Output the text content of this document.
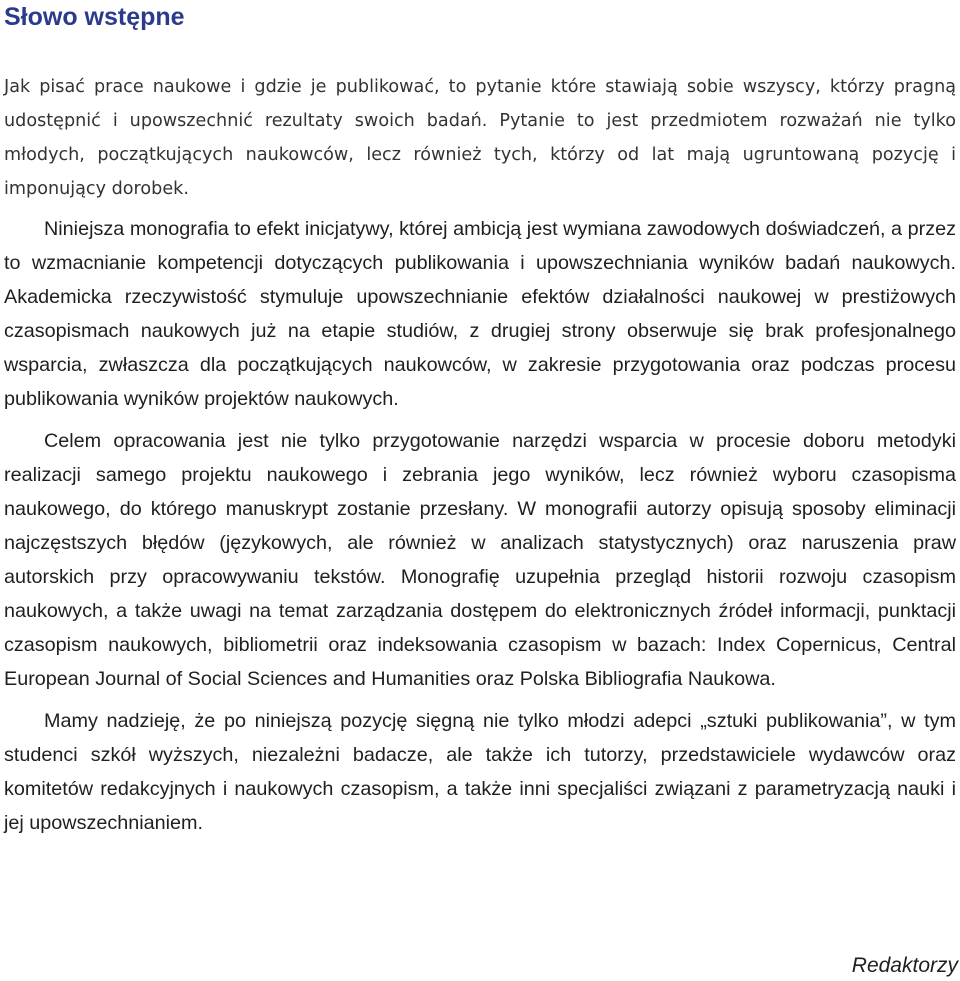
Słowo wstępne

Jak pisać prace naukowe i gdzie je publikować, to pytanie które stawiają sobie wszyscy, którzy pragną udostępnić i upowszechnić rezultaty swoich badań. Pytanie to jest przedmiotem rozważań nie tylko młodych, początkujących naukowców, lecz również tych, którzy od lat mają ugruntowaną pozycję i imponujący dorobek.

Niniejsza monografia to efekt inicjatywy, której ambicją jest wymiana zawodowych doświadczeń, a przez to wzmacnianie kompetencji dotyczących publikowania i upowszechniania wyników badań naukowych. Akademicka rzeczywistość stymuluje upowszechnianie efektów działalności naukowej w prestiżowych czasopismach naukowych już na etapie studiów, z drugiej strony obserwuje się brak profesjonalnego wsparcia, zwłaszcza dla początkujących naukowców, w zakresie przygotowania oraz podczas procesu publikowania wyników projektów naukowych.

Celem opracowania jest nie tylko przygotowanie narzędzi wsparcia w procesie doboru metodyki realizacji samego projektu naukowego i zebrania jego wyników, lecz również wyboru czasopisma naukowego, do którego manuskrypt zostanie przesłany. W monografii autorzy opisują sposoby eliminacji najczęstszych błędów (językowych, ale również w analizach statystycznych) oraz naruszenia praw autorskich przy opracowywaniu tekstów. Monografię uzupełnia przegląd historii rozwoju czasopism naukowych, a także uwagi na temat zarządzania dostępem do elektronicznych źródeł informacji, punktacji czasopism naukowych, bibliometrii oraz indeksowania czasopism w bazach: Index Copernicus, Central European Journal of Social Sciences and Humanities oraz Polska Bibliografia Naukowa.

Mamy nadzieję, że po niniejszą pozycję sięgną nie tylko młodzi adepci „sztuki publikowania”, w tym studenci szkół wyższych, niezależni badacze, ale także ich tutorzy, przedstawiciele wydawców oraz komitetów redakcyjnych i naukowych czasopism, a także inni specjaliści związani z parametryzacją nauki i jej upowszechnianiem.

Redaktorzy
